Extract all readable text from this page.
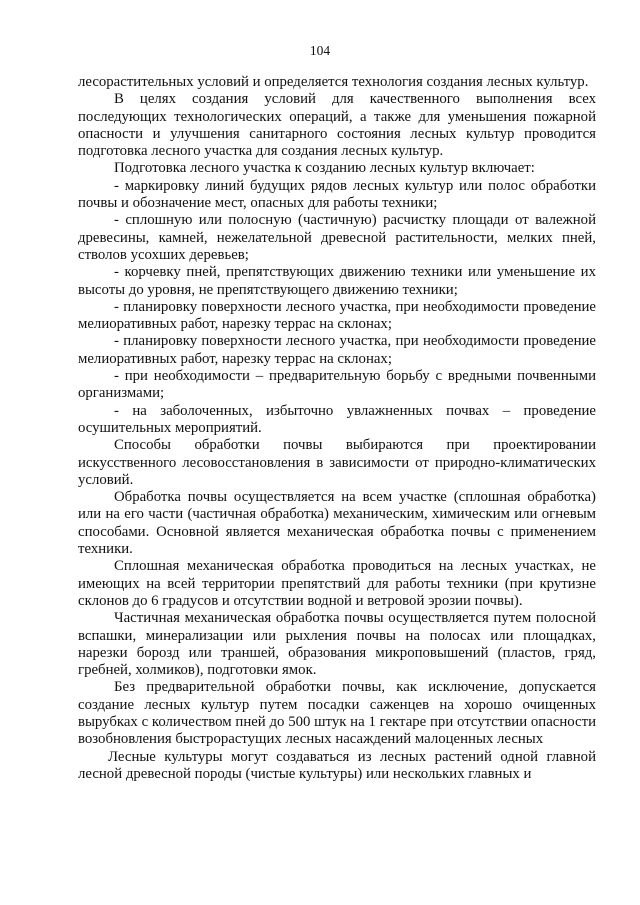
104

лесорастительных условий и определяется технология создания лесных культур.

В целях создания условий для качественного выполнения всех последующих технологических операций, а также для уменьшения пожарной опасности и улучшения санитарного состояния лесных культур проводится подготовка лесного участка для создания лесных культур.

Подготовка лесного участка к созданию лесных культур включает:

- маркировку линий будущих рядов лесных культур или полос обработки почвы и обозначение мест, опасных для работы техники;

- сплошную или полосную (частичную) расчистку площади от валежной древесины, камней, нежелательной древесной растительности, мелких пней, стволов усохших деревьев;

- корчевку пней, препятствующих движению техники или уменьшение их высоты до уровня, не препятствующего движению техники;

- планировку поверхности лесного участка, при необходимости проведение мелиоративных работ, нарезку террас на склонах;

- планировку поверхности лесного участка, при необходимости проведение мелиоративных работ, нарезку террас на склонах;

- при необходимости – предварительную борьбу с вредными почвенными организмами;

- на заболоченных, избыточно увлажненных почвах – проведение осушительных мероприятий.

Способы обработки почвы выбираются при проектировании искусственного лесовосстановления в зависимости от природно-климатических условий.

Обработка почвы осуществляется на всем участке (сплошная обработка) или на его части (частичная обработка) механическим, химическим или огневым способами. Основной является механическая обработка почвы с применением техники.

Сплошная механическая обработка проводиться на лесных участках, не имеющих на всей территории препятствий для работы техники (при крутизне склонов до 6 градусов и отсутствии водной и ветровой эрозии почвы).

Частичная механическая обработка почвы осуществляется путем полосной вспашки, минерализации или рыхления почвы на полосах или площадках, нарезки борозд или траншей, образования микроповышений (пластов, гряд, гребней, холмиков), подготовки ямок.

Без предварительной обработки почвы, как исключение, допускается создание лесных культур путем посадки саженцев на хорошо очищенных вырубках с количеством пней до 500 штук на 1 гектаре при отсутствии опасности возобновления быстрорастущих лесных насаждений малоценных лесных

Лесные культуры могут создаваться из лесных растений одной главной лесной древесной породы (чистые культуры) или нескольких главных и
